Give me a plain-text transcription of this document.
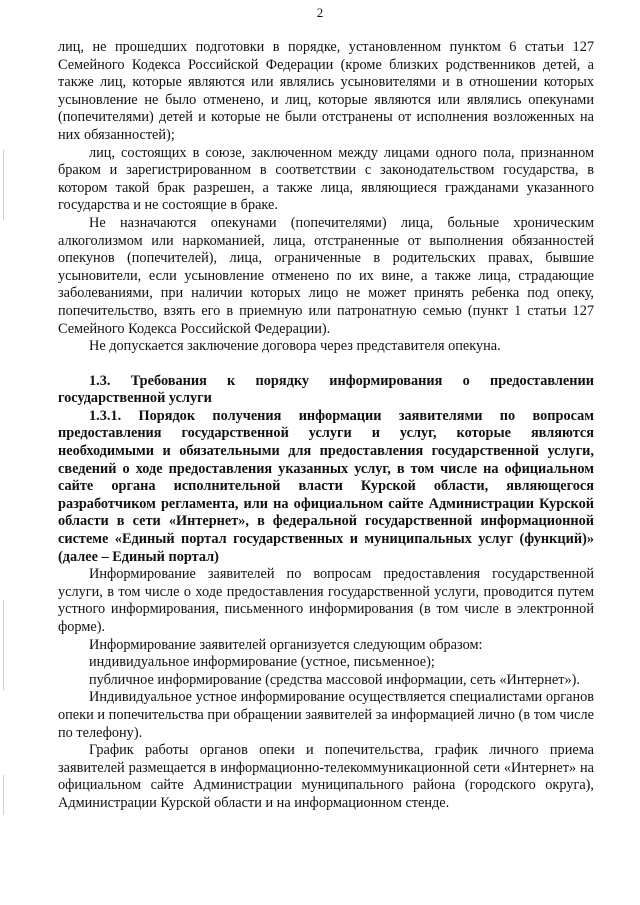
2

лиц, не прошедших подготовки в порядке, установленном пунктом 6 статьи 127 Семейного Кодекса Российской Федерации (кроме близких родственников детей, а также лиц, которые являются или являлись усыновителями и в отношении которых усыновление не было отменено, и лиц, которые являются или являлись опекунами (попечителями) детей и которые не были отстранены от исполнения возложенных на них обязанностей);

лиц, состоящих в союзе, заключенном между лицами одного пола, признанном браком и зарегистрированном в соответствии с законодательством государства, в котором такой брак разрешен, а также лица, являющиеся гражданами указанного государства и не состоящие в браке.

Не назначаются опекунами (попечителями) лица, больные хроническим алкоголизмом или наркоманией, лица, отстраненные от выполнения обязанностей опекунов (попечителей), лица, ограниченные в родительских правах, бывшие усыновители, если усыновление отменено по их вине, а также лица, страдающие заболеваниями, при наличии которых лицо не может принять ребенка под опеку, попечительство, взять его в приемную или патронатную семью (пункт 1 статьи 127 Семейного Кодекса Российской Федерации).

Не допускается заключение договора через представителя опекуна.

1.3. Требования к порядку информирования о предоставлении государственной услуги

1.3.1. Порядок получения информации заявителями по вопросам предоставления государственной услуги и услуг, которые являются необходимыми и обязательными для предоставления государственной услуги, сведений о ходе предоставления указанных услуг, в том числе на официальном сайте органа исполнительной власти Курской области, являющегося разработчиком регламента, или на официальном сайте Администрации Курской области в сети «Интернет», в федеральной государственной информационной системе «Единый портал государственных и муниципальных услуг (функций)» (далее – Единый портал)

Информирование заявителей по вопросам предоставления государственной услуги, в том числе о ходе предоставления государственной услуги, проводится путем устного информирования, письменного информирования (в том числе в электронной форме).

Информирование заявителей организуется следующим образом:

индивидуальное информирование (устное, письменное);

публичное информирование (средства массовой информации, сеть «Интернет»).

Индивидуальное устное информирование осуществляется специалистами органов опеки и попечительства при обращении заявителей за информацией лично (в том числе по телефону).

График работы органов опеки и попечительства, график личного приема заявителей размещается в информационно-телекоммуникационной сети «Интернет» на официальном сайте Администрации муниципального района (городского округа), Администрации Курской области и на информационном стенде.
